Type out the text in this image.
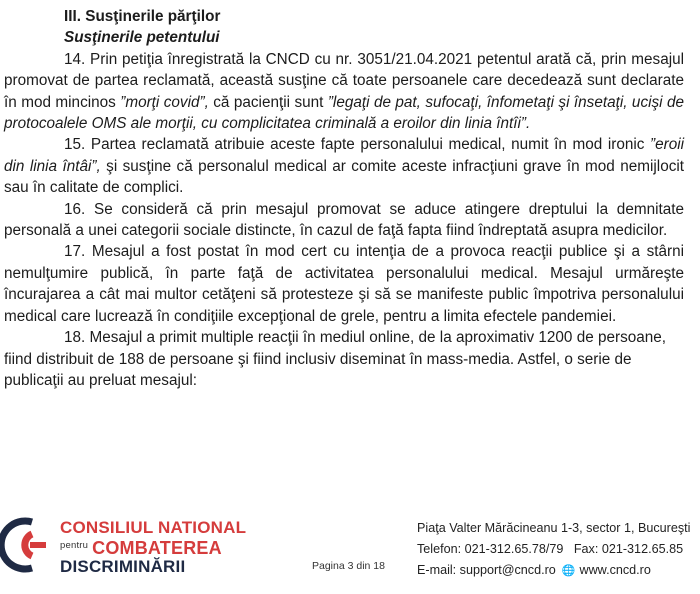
III. Susţinerile părţilor
Susţinerile petentului

14. Prin petiţia înregistrată la CNCD cu nr. 3051/21.04.2021 petentul arată că, prin mesajul promovat de partea reclamată, această susţine că toate persoanele care decedează sunt declarate în mod mincinos ”morţi covid”, că pacienţii sunt ”legaţi de pat, sufocaţi, înfometaţi şi însetaţi, ucişi de protocoalele OMS ale morţii, cu complicitatea criminală a eroilor din linia întîi”.

15. Partea reclamată atribuie aceste fapte personalului medical, numit în mod ironic ”eroii din linia întâi”, şi susţine că personalul medical ar comite aceste infracţiuni grave în mod nemijlocit sau în calitate de complici.

16. Se consideră că prin mesajul promovat se aduce atingere dreptului la demnitate personală a unei categorii sociale distincte, în cazul de faţă fapta fiind îndreptată asupra medicilor.

17. Mesajul a fost postat în mod cert cu intenţia de a provoca reacţii publice şi a stârni nemulţumire publică, în parte faţă de activitatea personalului medical. Mesajul urmăreşte încurajarea a cât mai multor cetăţeni să protesteze şi să se manifeste public împotriva personalului medical care lucrează în condiţiile excepţional de grele, pentru a limita efectele pandemiei.

18. Mesajul a primit multiple reacţii în mediul online, de la aproximativ 1200 de persoane, fiind distribuit de 188 de persoane şi fiind inclusiv diseminat în mass-media. Astfel, o serie de publicaţii au preluat mesajul:

CONSILIUL NATIONAL
$^{pentru}$ COMBATEREA
DISCRIMINĂRII	Pagina 3 din 18
Piaţa Valter Mărăcineanu 1-3, sector 1, Bucureşti
Telefon: 021-312.65.78/79 Fax: 021-312.65.85
E-mail: support@cncd.ro 🌐 www.cncd.ro
